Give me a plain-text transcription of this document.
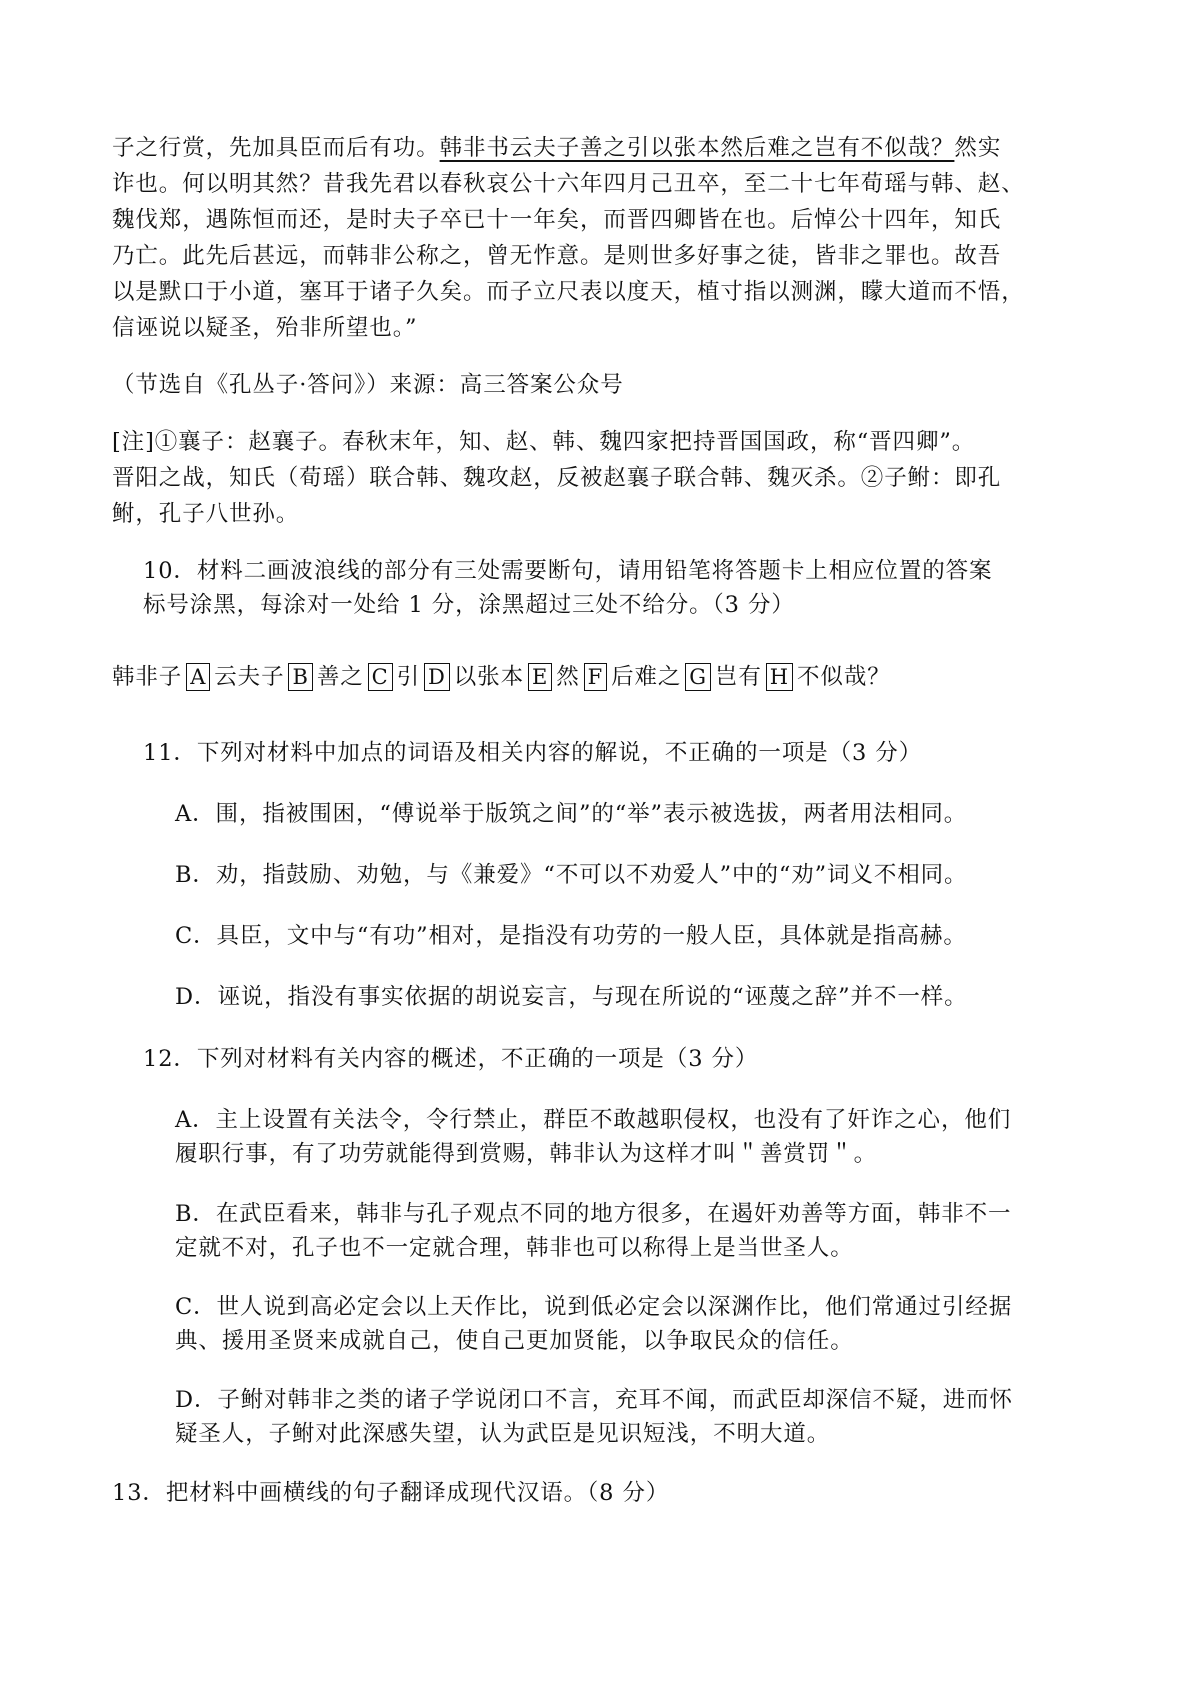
子之行赏，先加具臣而后有功。韩非书云夫子善之引以张本然后难之岂有不似哉？然实
诈也。何以明其然？昔我先君以春秋哀公十六年四月己丑卒，至二十七年荀瑶与韩、赵、
魏伐郑，遇陈恒而还，是时夫子卒已十一年矣，而晋四卿皆在也。后悼公十四年，知氏
乃亡。此先后甚远，而韩非公称之，曾无怍意。是则世多好事之徒，皆非之罪也。故吾
以是默口于小道，塞耳于诸子久矣。而子立尺表以度天，植寸指以测渊，矇大道而不悟，
信诬说以疑圣，殆非所望也。”
（节选自《孔丛子·答问》）来源：高三答案公众号
[注]①襄子：赵襄子。春秋末年，知、赵、韩、魏四家把持晋国国政，称“晋四卿”。
晋阳之战，知氏（荀瑶）联合韩、魏攻赵，反被赵襄子联合韩、魏灭杀。②子鲋：即孔
鲋，孔子八世孙。
10．材料二画波浪线的部分有三处需要断句，请用铅笔将答题卡上相应位置的答案
标号涂黑，每涂对一处给 1 分，涂黑超过三处不给分。（3 分）
韩非子 A 云夫子 B 善之 C 引 D 以张本 E 然 F 后难之 G 岂有 H 不似哉？
11．下列对材料中加点的词语及相关内容的解说，不正确的一项是（3 分）
A．围，指被围困，“傅说举于版筑之间”的“举”表示被选拔，两者用法相同。
B．劝，指鼓励、劝勉，与《兼爱》“不可以不劝爱人”中的“劝”词义不相同。
C．具臣，文中与“有功”相对，是指没有功劳的一般人臣，具体就是指高赫。
D．诬说，指没有事实依据的胡说妄言，与现在所说的“诬蔑之辞”并不一样。
12．下列对材料有关内容的概述，不正确的一项是（3 分）
A．主上设置有关法令，令行禁止，群臣不敢越职侵权，也没有了奸诈之心，他们
履职行事，有了功劳就能得到赏赐，韩非认为这样才叫＂善赏罚＂。
B．在武臣看来，韩非与孔子观点不同的地方很多，在遏奸劝善等方面，韩非不一
定就不对，孔子也不一定就合理，韩非也可以称得上是当世圣人。
C．世人说到高必定会以上天作比，说到低必定会以深渊作比，他们常通过引经据
典、援用圣贤来成就自己，使自己更加贤能，以争取民众的信任。
D．子鲋对韩非之类的诸子学说闭口不言，充耳不闻，而武臣却深信不疑，进而怀
疑圣人，子鲋对此深感失望，认为武臣是见识短浅，不明大道。
13．把材料中画横线的句子翻译成现代汉语。（8 分）
